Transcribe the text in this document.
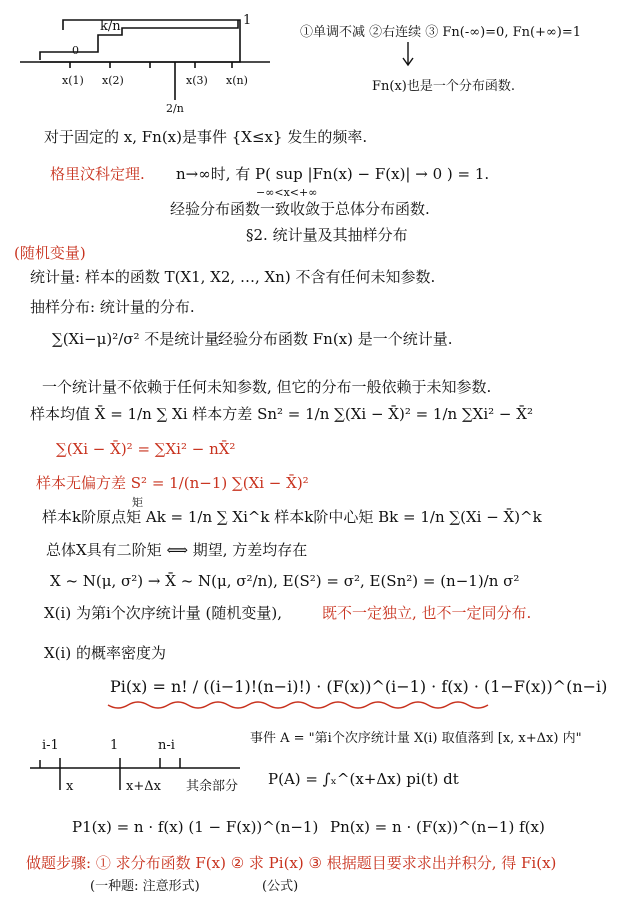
k/n	1
0
x(1) x(2)	x(3) x(n)
2/n
①单调不减 ②右连续 ③ Fn(-∞)=0, Fn(+∞)=1
Fn(x)也是一个分布函数.
对于固定的 x, Fn(x)是事件 {X≤x} 发生的频率.
格里汶科定理. n→∞时, 有 P( sup |Fn(x) − F(x)| → 0 ) = 1.
−∞<x<+∞
经验分布函数一致收敛于总体分布函数.
§2. 统计量及其抽样分布
(随机变量)
统计量: 样本的函数 T(X1, X2, …, Xn) 不含有任何未知参数.
抽样分布: 统计量的分布.
∑(Xi−μ)²/σ² 不是统计量.
经验分布函数 Fn(x) 是一个统计量.
一个统计量不依赖于任何未知参数, 但它的分布一般依赖于未知参数.
样本均值 X̄ = 1/n ∑ Xi 样本方差 Sn² = 1/n ∑(Xi − X̄)² = 1/n ∑Xi² − X̄²
∑(Xi − X̄)² = ∑Xi² − nX̄²
样本无偏方差 S² = 1/(n−1) ∑(Xi − X̄)²
矩
样本k阶原点矩 Ak = 1/n ∑ Xi^k 样本k阶中心矩 Bk = 1/n ∑(Xi − X̄)^k
总体X具有二阶矩 ⟺ 期望, 方差均存在
X ~ N(μ, σ²) → X̄ ~ N(μ, σ²/n), E(S²) = σ², E(Sn²) = (n−1)/n σ²
X(i) 为第i个次序统计量 (随机变量),	既不一定独立, 也不一定同分布.
X(i) 的概率密度为
Pi(x) = n! / ((i−1)!(n−i)!) · (F(x))^(i−1) · f(x) · (1−F(x))^(n−i)
i-1	1	n-i
x	x+Δx 其余部分
事件 A = "第i个次序统计量 X(i) 取值落到 [x, x+Δx) 内"
P(A) = ∫ₓ^(x+Δx) pi(t) dt
P1(x) = n · f(x) (1 − F(x))^(n−1) Pn(x) = n · (F(x))^(n−1) f(x)
做题步骤: ① 求分布函数 F(x) ② 求 Pi(x) ③ 根据题目要求求出并积分, 得 Fi(x)
(一种题: 注意形式)	(公式)
